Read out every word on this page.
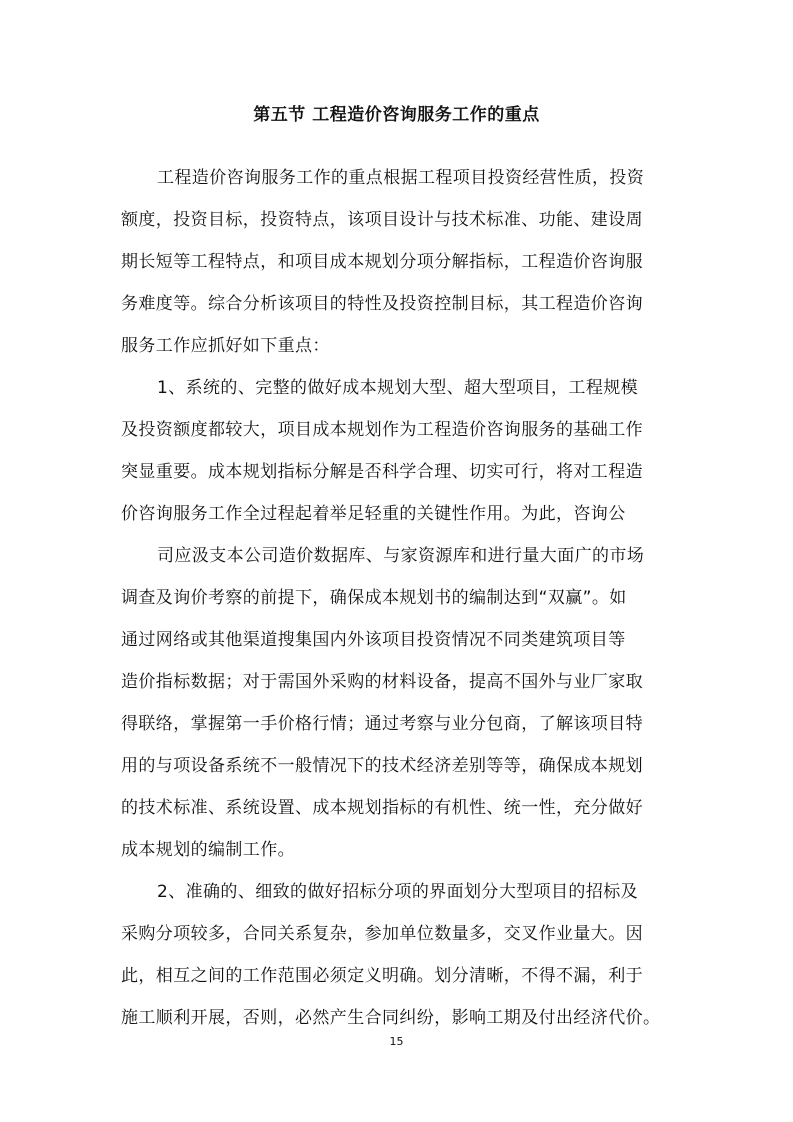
第五节 工程造价咨询服务工作的重点
工程造价咨询服务工作的重点根据工程项目投资经营性质，投资
额度，投资目标，投资特点，该项目设计与技术标准、功能、建设周
期长短等工程特点，和项目成本规划分项分解指标，工程造价咨询服
务难度等。综合分析该项目的特性及投资控制目标，其工程造价咨询
服务工作应抓好如下重点：
1、系统的、完整的做好成本规划大型、超大型项目，工程规模
及投资额度都较大，项目成本规划作为工程造价咨询服务的基础工作
突显重要。成本规划指标分解是否科学合理、切实可行，将对工程造
价咨询服务工作全过程起着举足轻重的关键性作用。为此，咨询公
司应汲支本公司造价数据库、与家资源库和进行量大面广的市场
调查及询价考察的前提下，确保成本规划书的编制达到“双赢”。如
通过网络或其他渠道搜集国内外该项目投资情况不同类建筑项目等
造价指标数据；对于需国外采购的材料设备，提高不国外与业厂家取
得联络，掌握第一手价格行情；通过考察与业分包商，了解该项目特
用的与项设备系统不一般情况下的技术经济差别等等，确保成本规划
的技术标准、系统设置、成本规划指标的有机性、统一性，充分做好
成本规划的编制工作。
2、准确的、细致的做好招标分项的界面划分大型项目的招标及
采购分项较多，合同关系复杂，参加单位数量多，交叉作业量大。因
此，相互之间的工作范围必须定义明确。划分清晰，不得不漏，利于
施工顺利开展，否则，必然产生合同纠纷，影响工期及付出经济代价。
15
